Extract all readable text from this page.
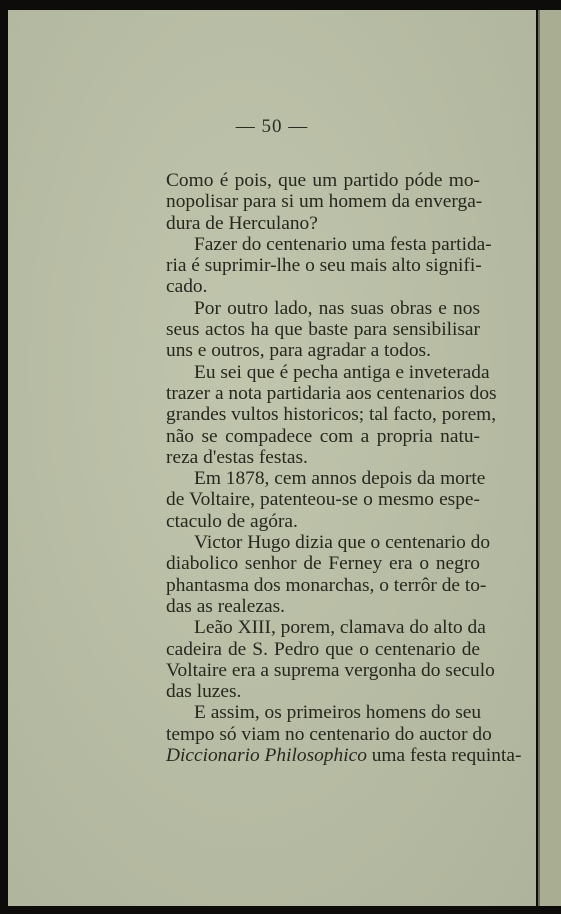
— 50 —
Como é pois, que um partido póde mo-
nopolisar para si um homem da enverga-
dura de Herculano?
Fazer do centenario uma festa partida-
ria é suprimir-lhe o seu mais alto signifi-
cado.
Por outro lado, nas suas obras e nos
seus actos ha que baste para sensibilisar
uns e outros, para agradar a todos.
Eu sei que é pecha antiga e inveterada
trazer a nota partidaria aos centenarios dos
grandes vultos historicos; tal facto, porem,
não se compadece com a propria natu-
reza d'estas festas.
Em 1878, cem annos depois da morte
de Voltaire, patenteou-se o mesmo espe-
ctaculo de agóra.
Victor Hugo dizia que o centenario do
diabolico senhor de Ferney era o negro
phantasma dos monarchas, o terrôr de to-
das as realezas.
Leão XIII, porem, clamava do alto da
cadeira de S. Pedro que o centenario de
Voltaire era a suprema vergonha do seculo
das luzes.
E assim, os primeiros homens do seu
tempo só viam no centenario do auctor do
Diccionario Philosophico uma festa requinta-
